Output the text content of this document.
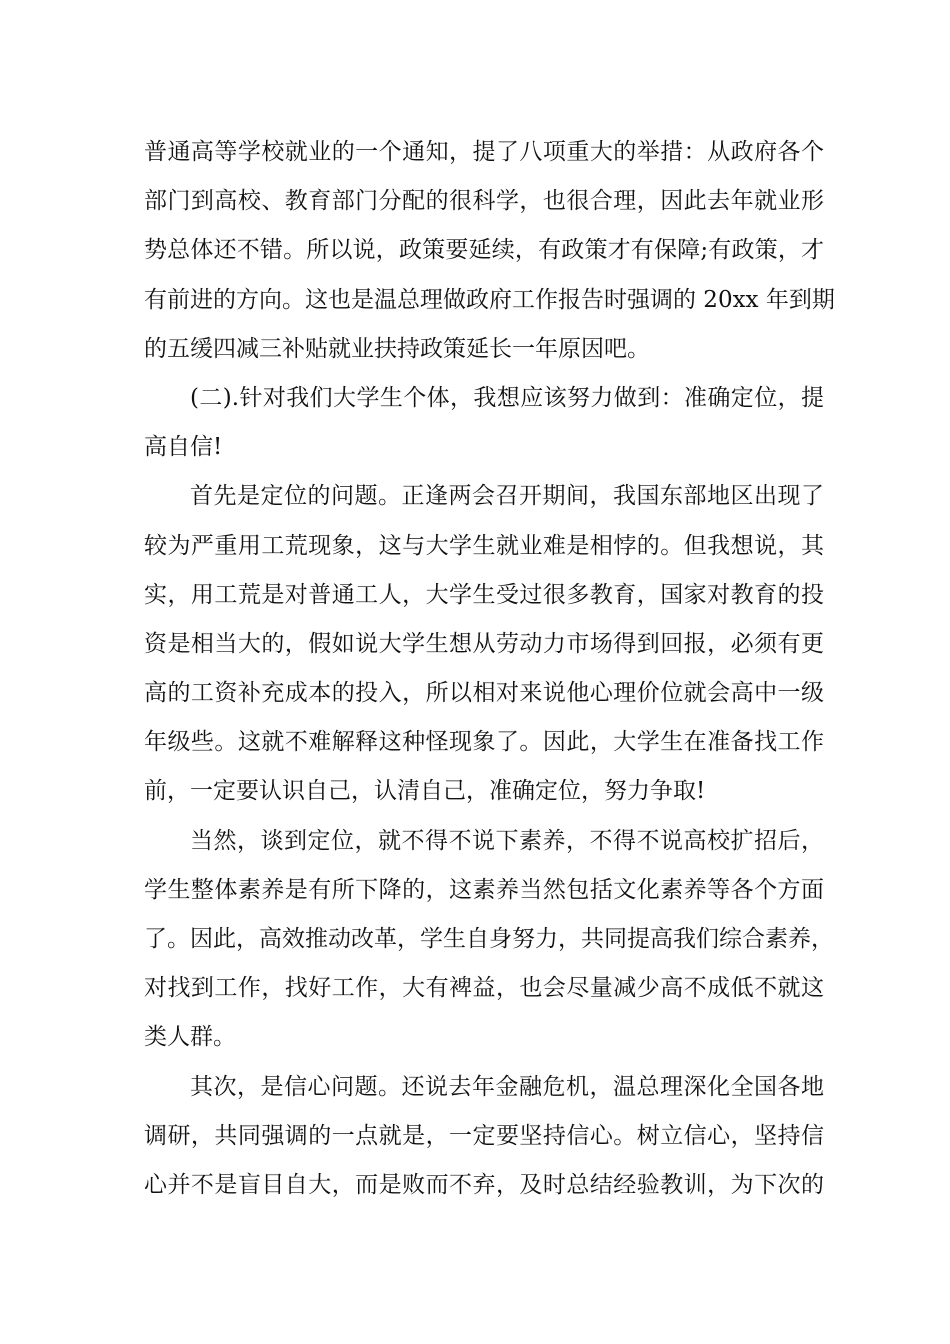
普通高等学校就业的一个通知，提了八项重大的举措：从政府各个
部门到高校、教育部门分配的很科学，也很合理，因此去年就业形
势总体还不错。所以说，政策要延续，有政策才有保障;有政策，才
有前进的方向。这也是温总理做政府工作报告时强调的 20xx 年到期
的五缓四减三补贴就业扶持政策延长一年原因吧。
(二).针对我们大学生个体，我想应该努力做到：准确定位，提
高自信!
首先是定位的问题。正逢两会召开期间，我国东部地区出现了
较为严重用工荒现象，这与大学生就业难是相悖的。但我想说，其
实，用工荒是对普通工人，大学生受过很多教育，国家对教育的投
资是相当大的，假如说大学生想从劳动力市场得到回报，必须有更
高的工资补充成本的投入，所以相对来说他心理价位就会高中一级
年级些。这就不难解释这种怪现象了。因此，大学生在准备找工作
前，一定要认识自己，认清自己，准确定位，努力争取!
当然，谈到定位，就不得不说下素养，不得不说高校扩招后，
学生整体素养是有所下降的，这素养当然包括文化素养等各个方面
了。因此，高效推动改革，学生自身努力，共同提高我们综合素养，
对找到工作，找好工作，大有裨益，也会尽量减少高不成低不就这
类人群。
其次，是信心问题。还说去年金融危机，温总理深化全国各地
调研，共同强调的一点就是，一定要坚持信心。树立信心，坚持信
心并不是盲目自大，而是败而不弃，及时总结经验教训，为下次的
